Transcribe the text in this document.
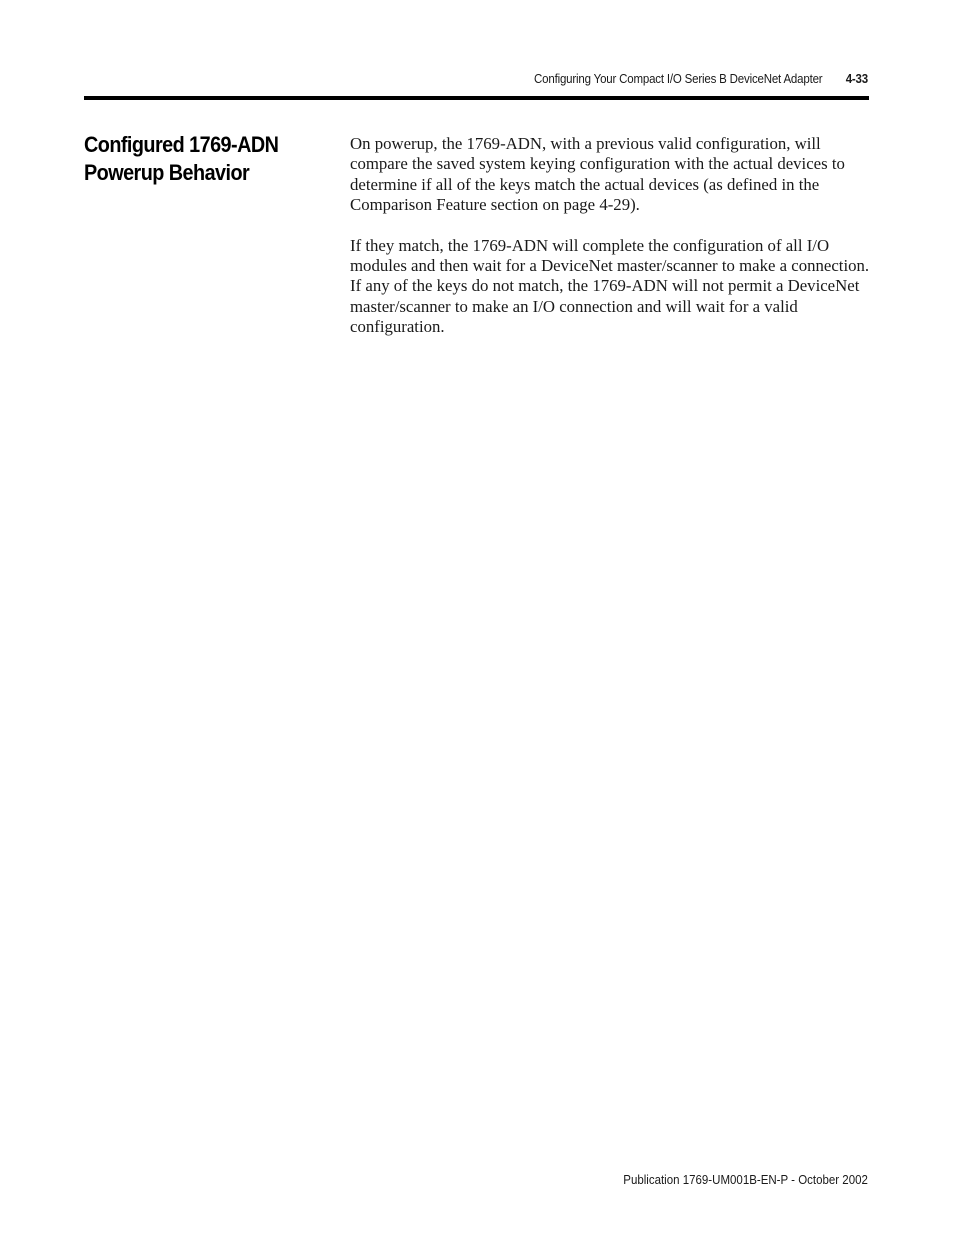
Configuring Your Compact I/O Series B DeviceNet Adapter 4-33
Configured 1769-ADN
Powerup Behavior

On powerup, the 1769-ADN, with a previous valid configuration, will compare the saved system keying configuration with the actual devices to determine if all of the keys match the actual devices (as defined in the Comparison Feature section on page 4-29).

If they match, the 1769-ADN will complete the configuration of all I/O modules and then wait for a DeviceNet master/scanner to make a connection. If any of the keys do not match, the 1769-ADN will not permit a DeviceNet master/scanner to make an I/O connection and will wait for a valid configuration.

Publication 1769-UM001B-EN-P - October 2002
